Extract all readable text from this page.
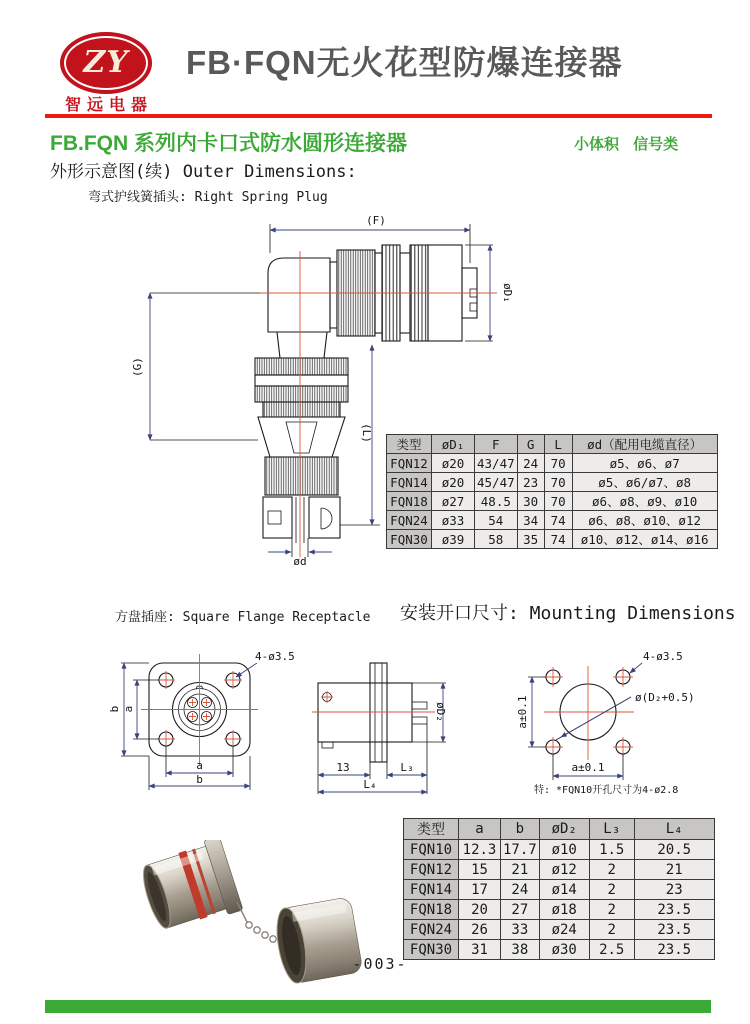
ZY
智远电器
FB·FQN无火花型防爆连接器
FB.FQN 系列内卡口式防水圆形连接器	小体积 信号类
外形示意图(续) Outer Dimensions:
弯式护线簧插头: Right Spring Plug
(F)
øD₁
(G)
(L)
ød
类型	øD₁	F	G	L	ød（配用电缆直径）
FQN12	ø20	43/47	24	70	ø5、ø6、ø7
FQN14	ø20	45/47	23	70	ø5、ø6/ø7、ø8
FQN18	ø27	48.5	30	70	ø6、ø8、ø9、ø10
FQN24	ø33	54	34	74	ø6、ø8、ø10、ø12
FQN30	ø39	58	35	74	ø10、ø12、ø14、ø16
方盘插座: Square Flange Receptacle 安装开口尺寸: Mounting Dimensions
b a
a
b
4-ø3.5
øD₂
13	L₃
L₄
ø(D₂+0.5)
4-ø3.5
a±0.1
a±0.1
特: *FQN10开孔尺寸为4-ø2.8
类型	a	b	øD₂	L₃	L₄
FQN10	12.3	17.7	ø10	1.5	20.5
FQN12	15	21	ø12	2	21
FQN14	17	24	ø14	2	23
FQN18	20	27	ø18	2	23.5
FQN24	26	33	ø24	2	23.5
FQN30	31	38	ø30	2.5	23.5
-003-
